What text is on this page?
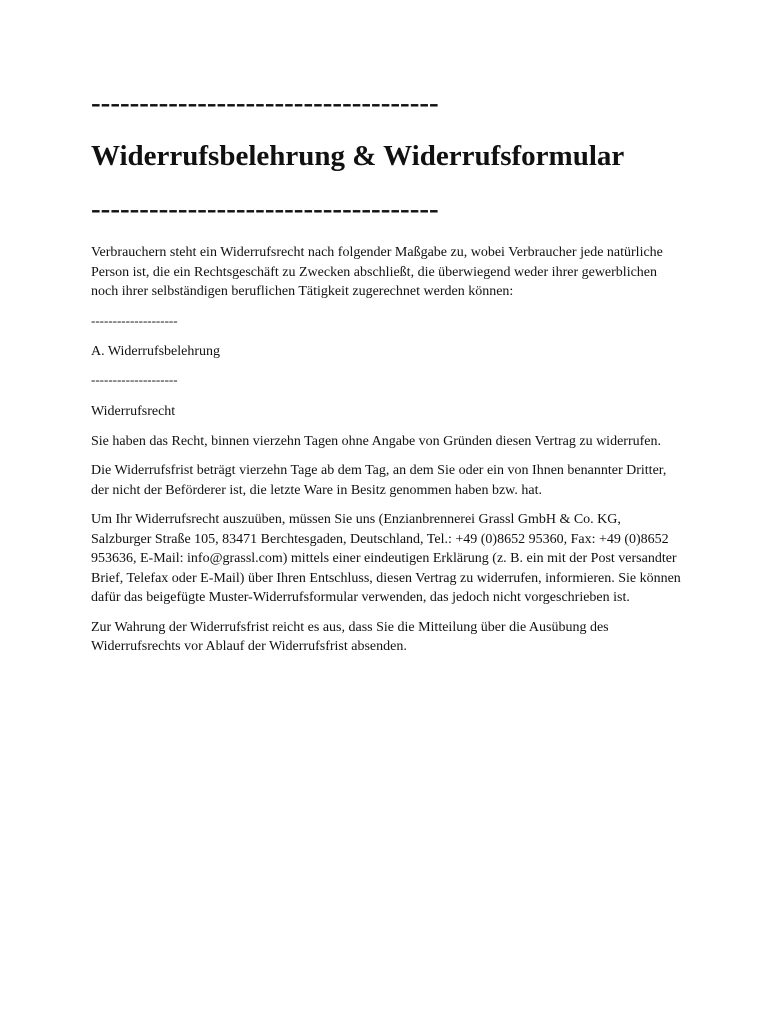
------------------------------------
Widerrufsbelehrung & Widerrufsformular
------------------------------------

Verbrauchern steht ein Widerrufsrecht nach folgender Maßgabe zu, wobei Verbraucher jede natürliche Person ist, die ein Rechtsgeschäft zu Zwecken abschließt, die überwiegend weder ihrer gewerblichen noch ihrer selbständigen beruflichen Tätigkeit zugerechnet werden können:

--------------------
A. Widerrufsbelehrung
--------------------
Widerrufsrecht

Sie haben das Recht, binnen vierzehn Tagen ohne Angabe von Gründen diesen Vertrag zu widerrufen.

Die Widerrufsfrist beträgt vierzehn Tage ab dem Tag, an dem Sie oder ein von Ihnen benannter Dritter, der nicht der Beförderer ist, die letzte Ware in Besitz genommen haben bzw. hat.

Um Ihr Widerrufsrecht auszuüben, müssen Sie uns (Enzianbrennerei Grassl GmbH & Co. KG, Salzburger Straße 105, 83471 Berchtesgaden, Deutschland, Tel.: +49 (0)8652 95360, Fax: +49 (0)8652 953636, E-Mail: info@grassl.com) mittels einer eindeutigen Erklärung (z. B. ein mit der Post versandter Brief, Telefax oder E-Mail) über Ihren Entschluss, diesen Vertrag zu widerrufen, informieren. Sie können dafür das beigefügte Muster-Widerrufsformular verwenden, das jedoch nicht vorgeschrieben ist.

Zur Wahrung der Widerrufsfrist reicht es aus, dass Sie die Mitteilung über die Ausübung des Widerrufsrechts vor Ablauf der Widerrufsfrist absenden.
